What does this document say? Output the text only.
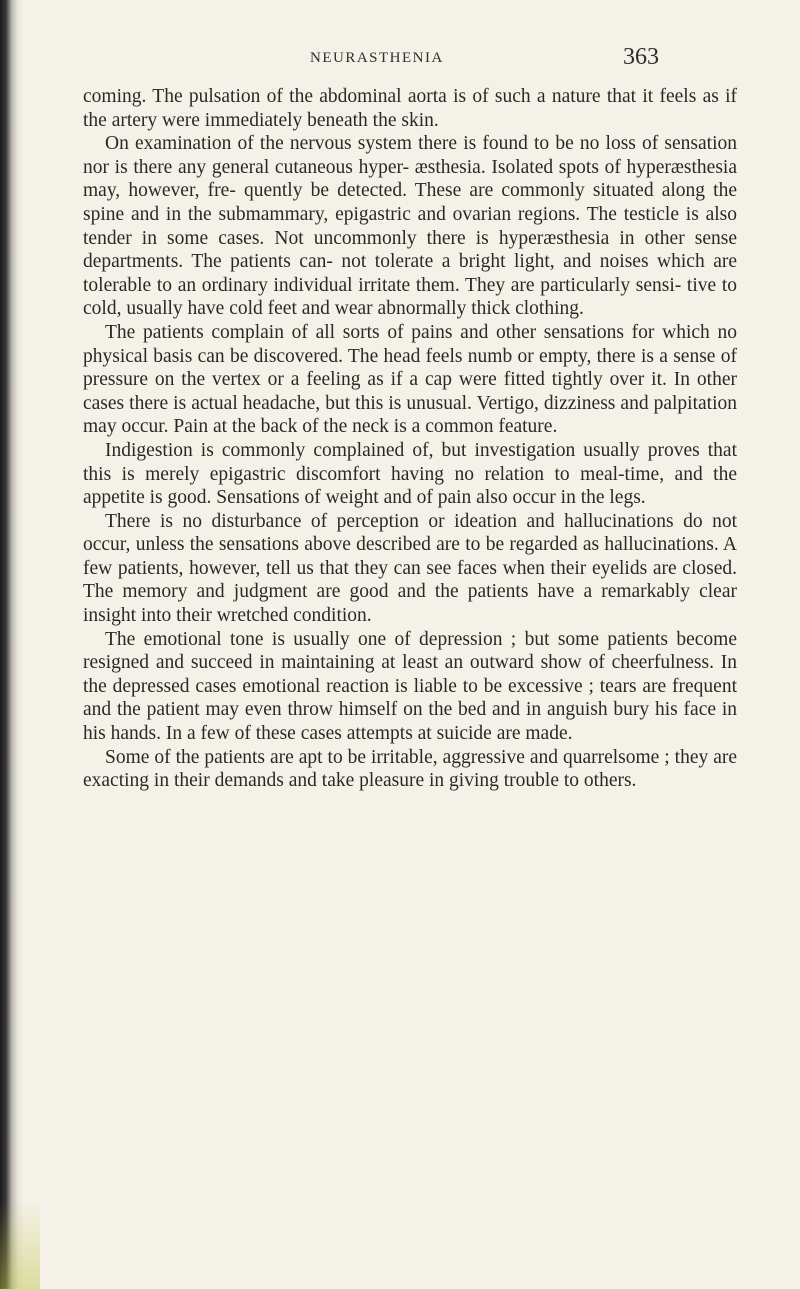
NEURASTHENIA	363

coming. The pulsation of the abdominal aorta is of such a nature that it feels as if the artery were immediately beneath the skin.

On examination of the nervous system there is found to be no loss of sensation nor is there any general cutaneous hyper- æsthesia. Isolated spots of hyperæsthesia may, however, fre- quently be detected. These are commonly situated along the spine and in the submammary, epigastric and ovarian regions. The testicle is also tender in some cases. Not uncommonly there is hyperæsthesia in other sense departments. The patients can- not tolerate a bright light, and noises which are tolerable to an ordinary individual irritate them. They are particularly sensi- tive to cold, usually have cold feet and wear abnormally thick clothing.

The patients complain of all sorts of pains and other sensations for which no physical basis can be discovered. The head feels numb or empty, there is a sense of pressure on the vertex or a feeling as if a cap were fitted tightly over it. In other cases there is actual headache, but this is unusual. Vertigo, dizziness and palpitation may occur. Pain at the back of the neck is a common feature.

Indigestion is commonly complained of, but investigation usually proves that this is merely epigastric discomfort having no relation to meal-time, and the appetite is good. Sensations of weight and of pain also occur in the legs.

There is no disturbance of perception or ideation and hallucinations do not occur, unless the sensations above described are to be regarded as hallucinations. A few patients, however, tell us that they can see faces when their eyelids are closed. The memory and judgment are good and the patients have a remarkably clear insight into their wretched condition.

The emotional tone is usually one of depression ; but some patients become resigned and succeed in maintaining at least an outward show of cheerfulness. In the depressed cases emotional reaction is liable to be excessive ; tears are frequent and the patient may even throw himself on the bed and in anguish bury his face in his hands. In a few of these cases attempts at suicide are made.

Some of the patients are apt to be irritable, aggressive and quarrelsome ; they are exacting in their demands and take pleasure in giving trouble to others.
